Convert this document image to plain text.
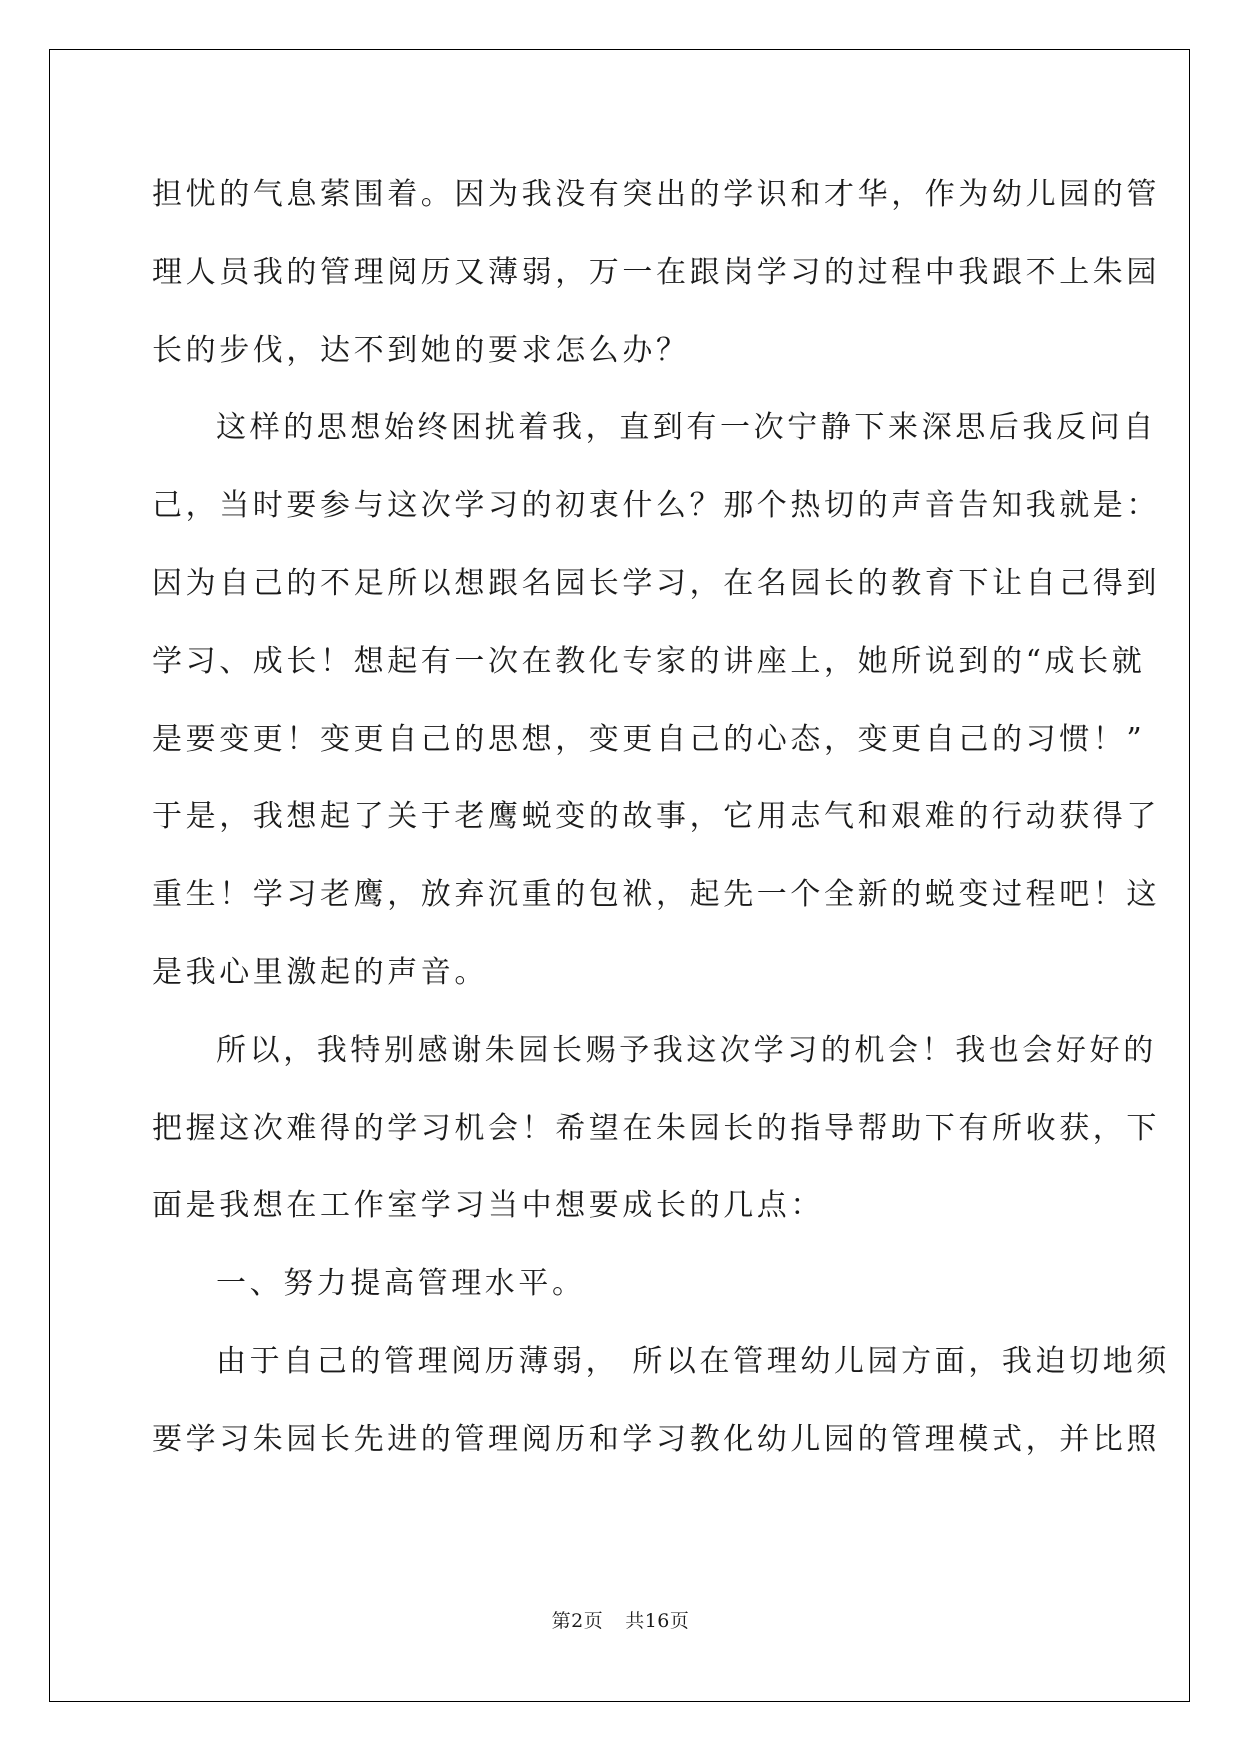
担忧的气息萦围着。因为我没有突出的学识和才华，作为幼儿园的管

理人员我的管理阅历又薄弱，万一在跟岗学习的过程中我跟不上朱园

长的步伐，达不到她的要求怎么办？

这样的思想始终困扰着我，直到有一次宁静下来深思后我反问自

己，当时要参与这次学习的初衷什么？那个热切的声音告知我就是：

因为自己的不足所以想跟名园长学习，在名园长的教育下让自己得到

学习、成长！想起有一次在教化专家的讲座上，她所说到的“成长就

是要变更！变更自己的思想，变更自己的心态，变更自己的习惯！”

于是，我想起了关于老鹰蜕变的故事，它用志气和艰难的行动获得了

重生！学习老鹰，放弃沉重的包袱，起先一个全新的蜕变过程吧！这

是我心里激起的声音。

所以，我特别感谢朱园长赐予我这次学习的机会！我也会好好的

把握这次难得的学习机会！希望在朱园长的指导帮助下有所收获，下

面是我想在工作室学习当中想要成长的几点：

一、努力提高管理水平。

由于自己的管理阅历薄弱， 所以在管理幼儿园方面，我迫切地须

要学习朱园长先进的管理阅历和学习教化幼儿园的管理模式，并比照

第2页 共16页
